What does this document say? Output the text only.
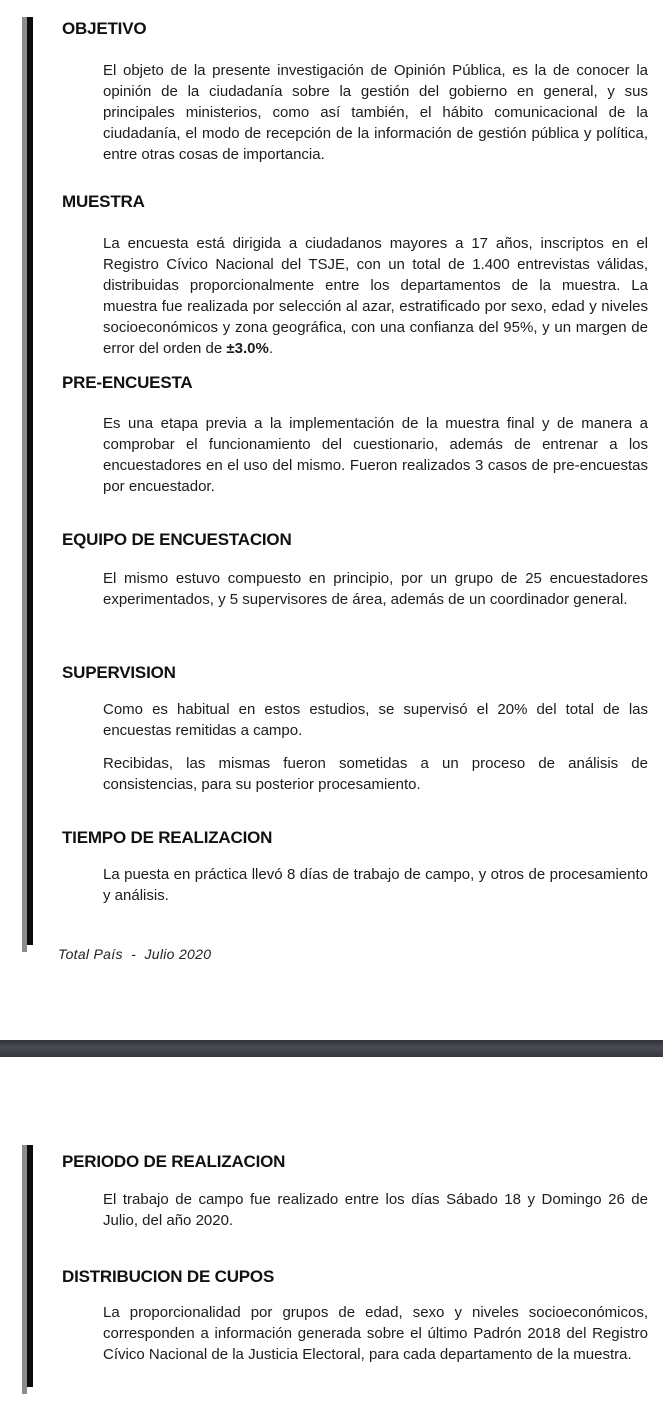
OBJETIVO

El objeto de la presente investigación de Opinión Pública, es la de conocer la opinión de la ciudadanía sobre la gestión del gobierno en general, y sus principales ministerios, como así también, el hábito comunicacional de la ciudadanía, el modo de recepción de la información de gestión pública y política, entre otras cosas de importancia.

MUESTRA

La encuesta está dirigida a ciudadanos mayores a 17 años, inscriptos en el Registro Cívico Nacional del TSJE, con un total de 1.400 entrevistas válidas, distribuidas proporcionalmente entre los departamentos de la muestra. La muestra fue realizada por selección al azar, estratificado por sexo, edad y niveles socioeconómicos y zona geográfica, con una confianza del 95%, y un margen de error del orden de ±3.0%.

PRE-ENCUESTA

Es una etapa previa a la implementación de la muestra final y de manera a comprobar el funcionamiento del cuestionario, además de entrenar a los encuestadores en el uso del mismo. Fueron realizados 3 casos de pre-encuestas por encuestador.

EQUIPO DE ENCUESTACION

El mismo estuvo compuesto en principio, por un grupo de 25 encuestadores experimentados, y 5 supervisores de área, además de un coordinador general.

SUPERVISION

Como es habitual en estos estudios, se supervisó el 20% del total de las encuestas remitidas a campo.

Recibidas, las mismas fueron sometidas a un proceso de análisis de consistencias, para su posterior procesamiento.

TIEMPO DE REALIZACION

La puesta en práctica llevó 8 días de trabajo de campo, y otros de procesamiento y análisis.

Total País  -  Julio 2020

PERIODO DE REALIZACION

El trabajo de campo fue realizado entre los días Sábado 18 y Domingo 26 de Julio, del año 2020.

DISTRIBUCION DE CUPOS

La proporcionalidad por grupos de edad, sexo y niveles socioeconómicos, corresponden a información generada sobre el último Padrón 2018 del Registro Cívico Nacional de la Justicia Electoral, para cada departamento de la muestra.
